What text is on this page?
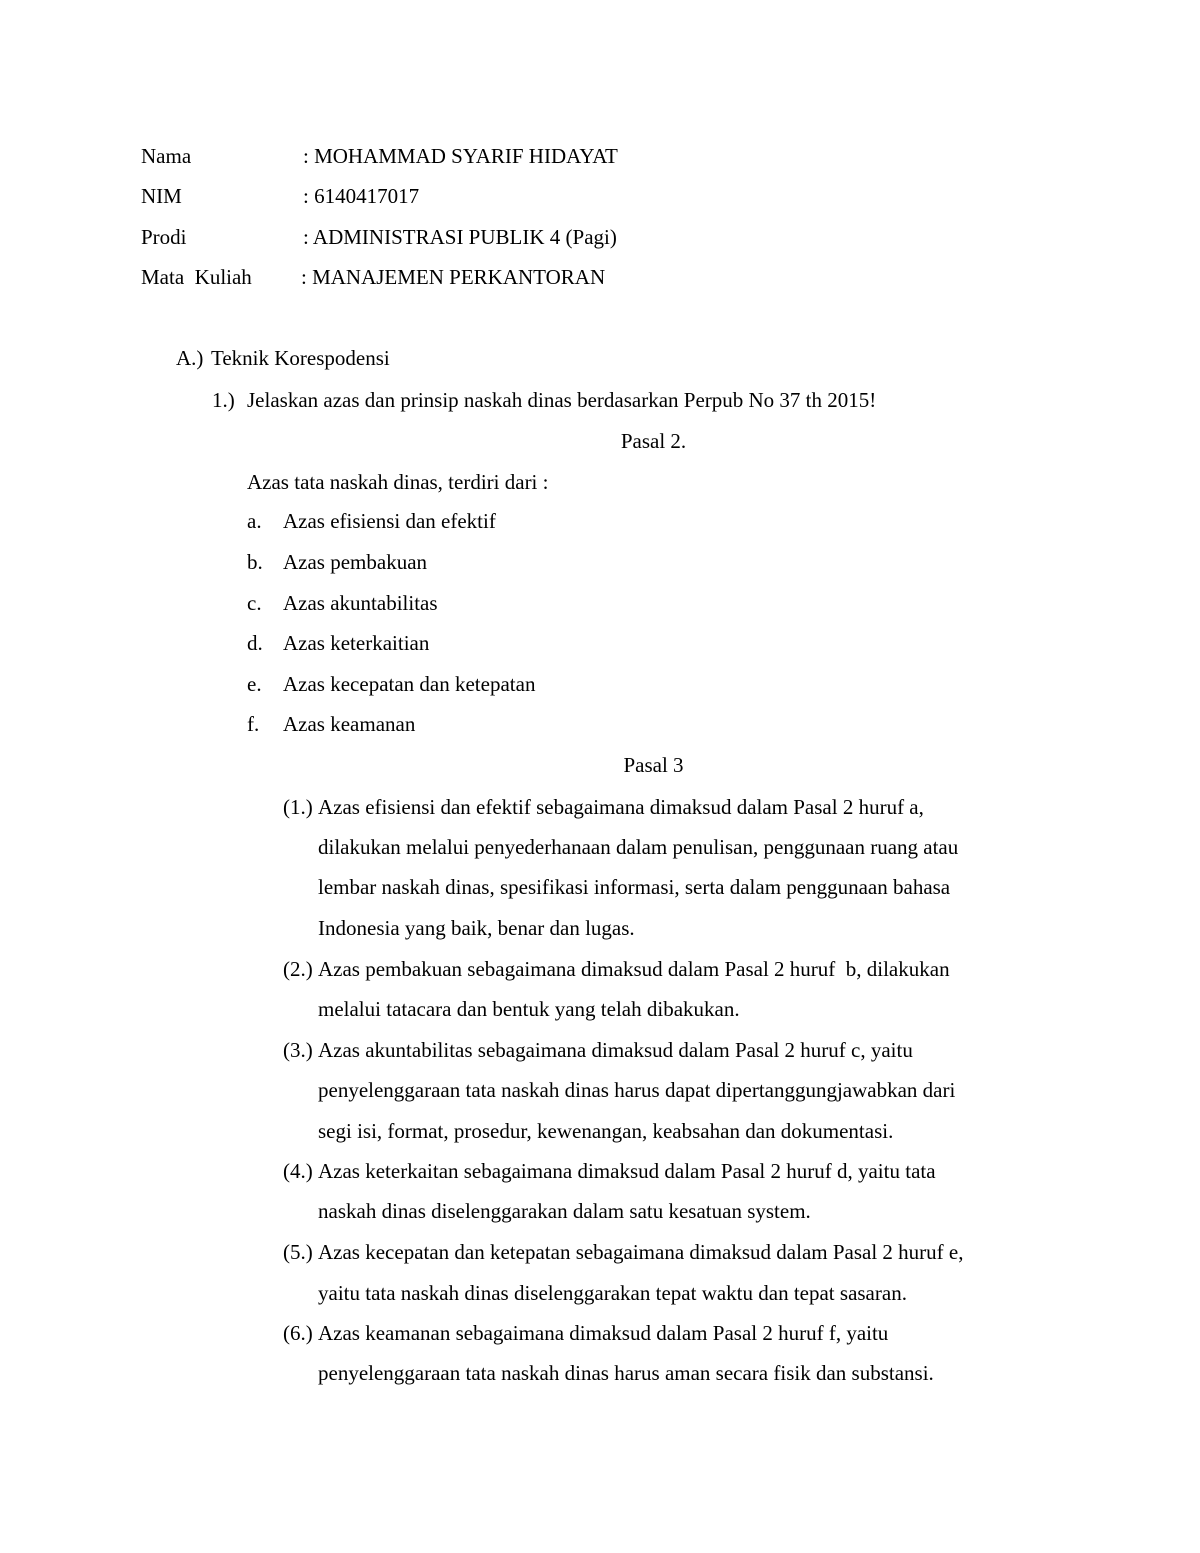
Nama	: MOHAMMAD SYARIF HIDAYAT
NIM	: 6140417017
Prodi	: ADMINISTRASI PUBLIK 4 (Pagi)
Mata  Kuliah : MANAJEMEN PERKANTORAN
A.) Teknik Korespodensi
1.) Jelaskan azas dan prinsip naskah dinas berdasarkan Perpub No 37 th 2015!
Pasal 2.
Azas tata naskah dinas, terdiri dari :
a. Azas efisiensi dan efektif
b. Azas pembakuan
c. Azas akuntabilitas
d. Azas keterkaitian
e. Azas kecepatan dan ketepatan
f. Azas keamanan
Pasal 3
(1.) Azas efisiensi dan efektif sebagaimana dimaksud dalam Pasal 2 huruf a,
dilakukan melalui penyederhanaan dalam penulisan, penggunaan ruang atau
lembar naskah dinas, spesifikasi informasi, serta dalam penggunaan bahasa
Indonesia yang baik, benar dan lugas.
(2.) Azas pembakuan sebagaimana dimaksud dalam Pasal 2 huruf  b, dilakukan
melalui tatacara dan bentuk yang telah dibakukan.
(3.) Azas akuntabilitas sebagaimana dimaksud dalam Pasal 2 huruf c, yaitu
penyelenggaraan tata naskah dinas harus dapat dipertanggungjawabkan dari
segi isi, format, prosedur, kewenangan, keabsahan dan dokumentasi.
(4.) Azas keterkaitan sebagaimana dimaksud dalam Pasal 2 huruf d, yaitu tata
naskah dinas diselenggarakan dalam satu kesatuan system.
(5.) Azas kecepatan dan ketepatan sebagaimana dimaksud dalam Pasal 2 huruf e,
yaitu tata naskah dinas diselenggarakan tepat waktu dan tepat sasaran.
(6.) Azas keamanan sebagaimana dimaksud dalam Pasal 2 huruf f, yaitu
penyelenggaraan tata naskah dinas harus aman secara fisik dan substansi.
